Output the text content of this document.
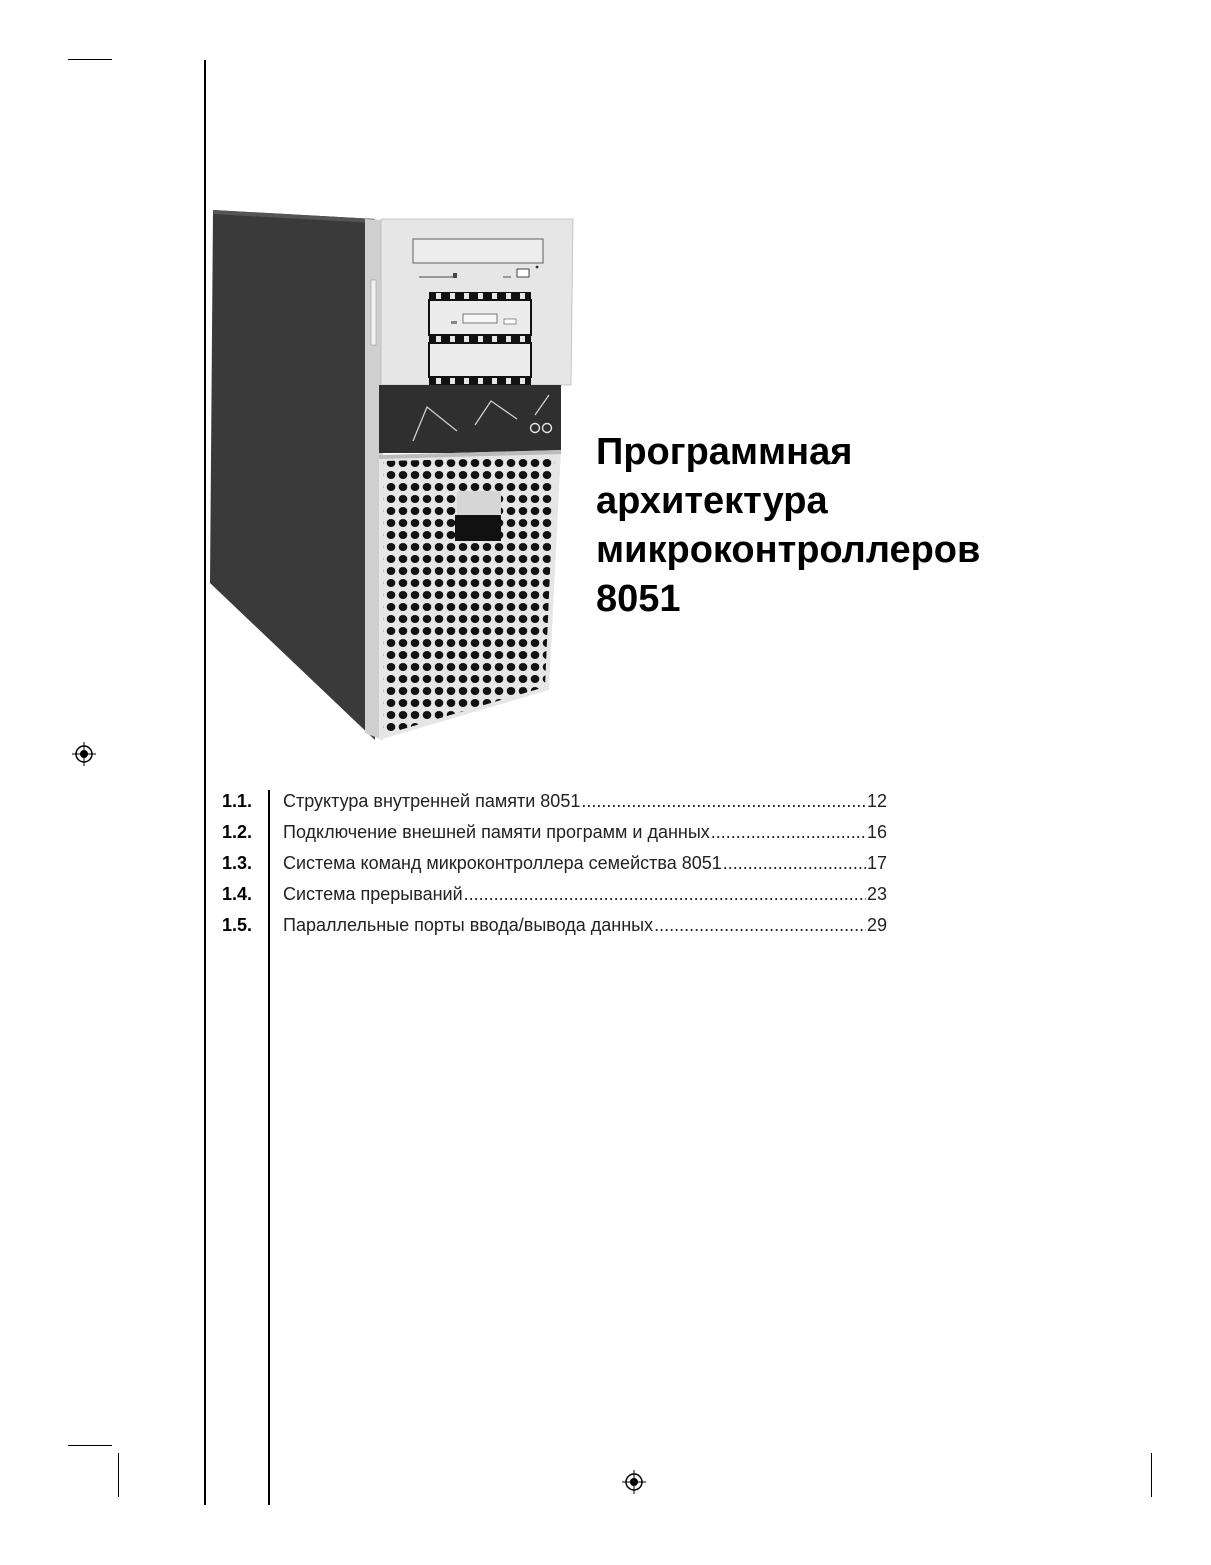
Программная
архитектура
микроконтроллеров
8051
1.1.	Структура внутренней памяти 8051 .....	12
1.2.	Подключение внешней памяти программ и данных .....	16
1.3.	Система команд микроконтроллера семейства 8051 .....	17
1.4.	Система прерываний .....	23
1.5.	Параллельные порты ввода/вывода данных .....	29
